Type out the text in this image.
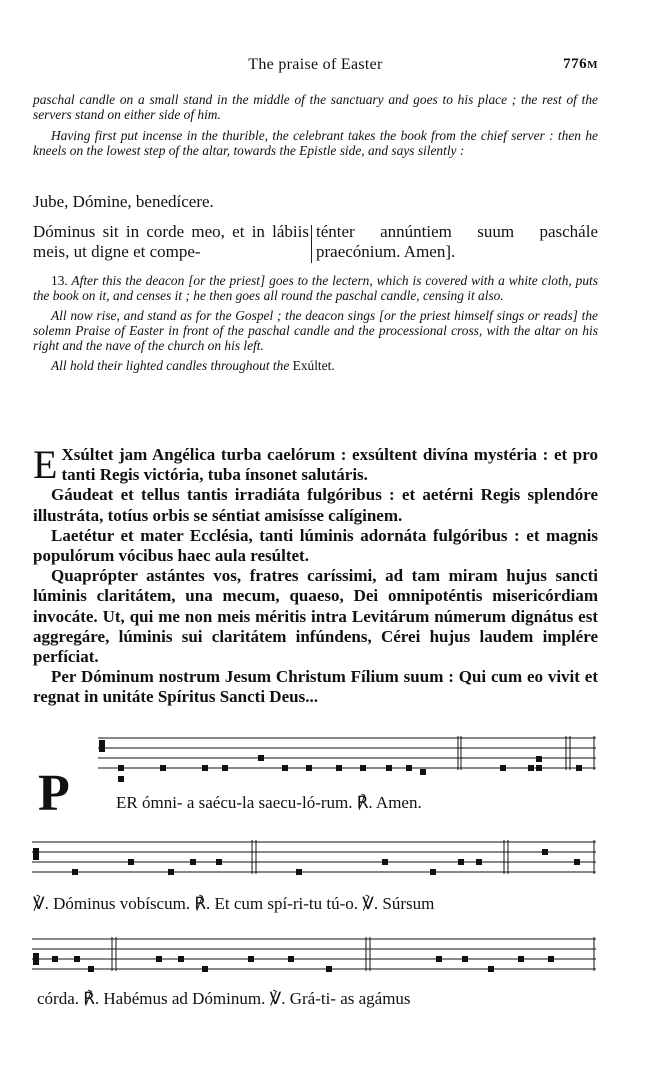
The praise of Easter	776M

paschal candle on a small stand in the middle of the sanctuary and goes to his place ; the rest of the servers stand on either side of him.

Having first put incense in the thurible, the celebrant takes the book from the chief server : then he kneels on the lowest step of the altar, towards the Epistle side, and says silently :

Jube, Dómine, benedícere.

Dóminus sit in corde meo, et in lábiis meis, ut digne et compe-
ténter annúntiem suum paschále praecónium. Amen].

13. After this the deacon [or the priest] goes to the lectern, which is covered with a white cloth, puts the book on it, and censes it ; he then goes all round the paschal candle, censing it also.

All now rise, and stand as for the Gospel ; the deacon sings [or the priest himself sings or reads] the solemn Praise of Easter in front of the paschal candle and the processional cross, with the altar on his right and the nave of the church on his left.

All hold their lighted candles throughout the Exúltet.

E Xsúltet jam Angélica turba caelórum : exsúltent divína mystéria : et pro tanti Regis victória, tuba ínsonet salutáris.

Gáudeat et tellus tantis irradiáta fulgóribus : et aetérni Regis splendóre illustráta, totíus orbis se séntiat amisísse calíginem.

Laetétur et mater Ecclésia, tanti lúminis adornáta fulgóribus : et magnis populórum vócibus haec aula resúltet.

Quaprópter astántes vos, fratres caríssimi, ad tam miram hujus sancti lúminis claritátem, una mecum, quaeso, Dei omnipoténtis misericórdiam invocáte. Ut, qui me non meis méritis intra Levitárum númerum dignátus est aggregáre, lúminis sui claritátem infúndens, Cérei hujus laudem implére perfíciat.

Per Dóminum nostrum Jesum Christum Fílium suum : Qui cum eo vivit et regnat in unitáte Spíritus Sancti Deus...

P	ER ómni- a saécu-la saecu-ló-rum. ℟. Amen.
℣. Dóminus vobíscum. ℟. Et cum spí-ri-tu tú-o. ℣. Súrsum
córda. ℟. Habémus ad Dóminum. ℣. Grá-ti- as agámus
